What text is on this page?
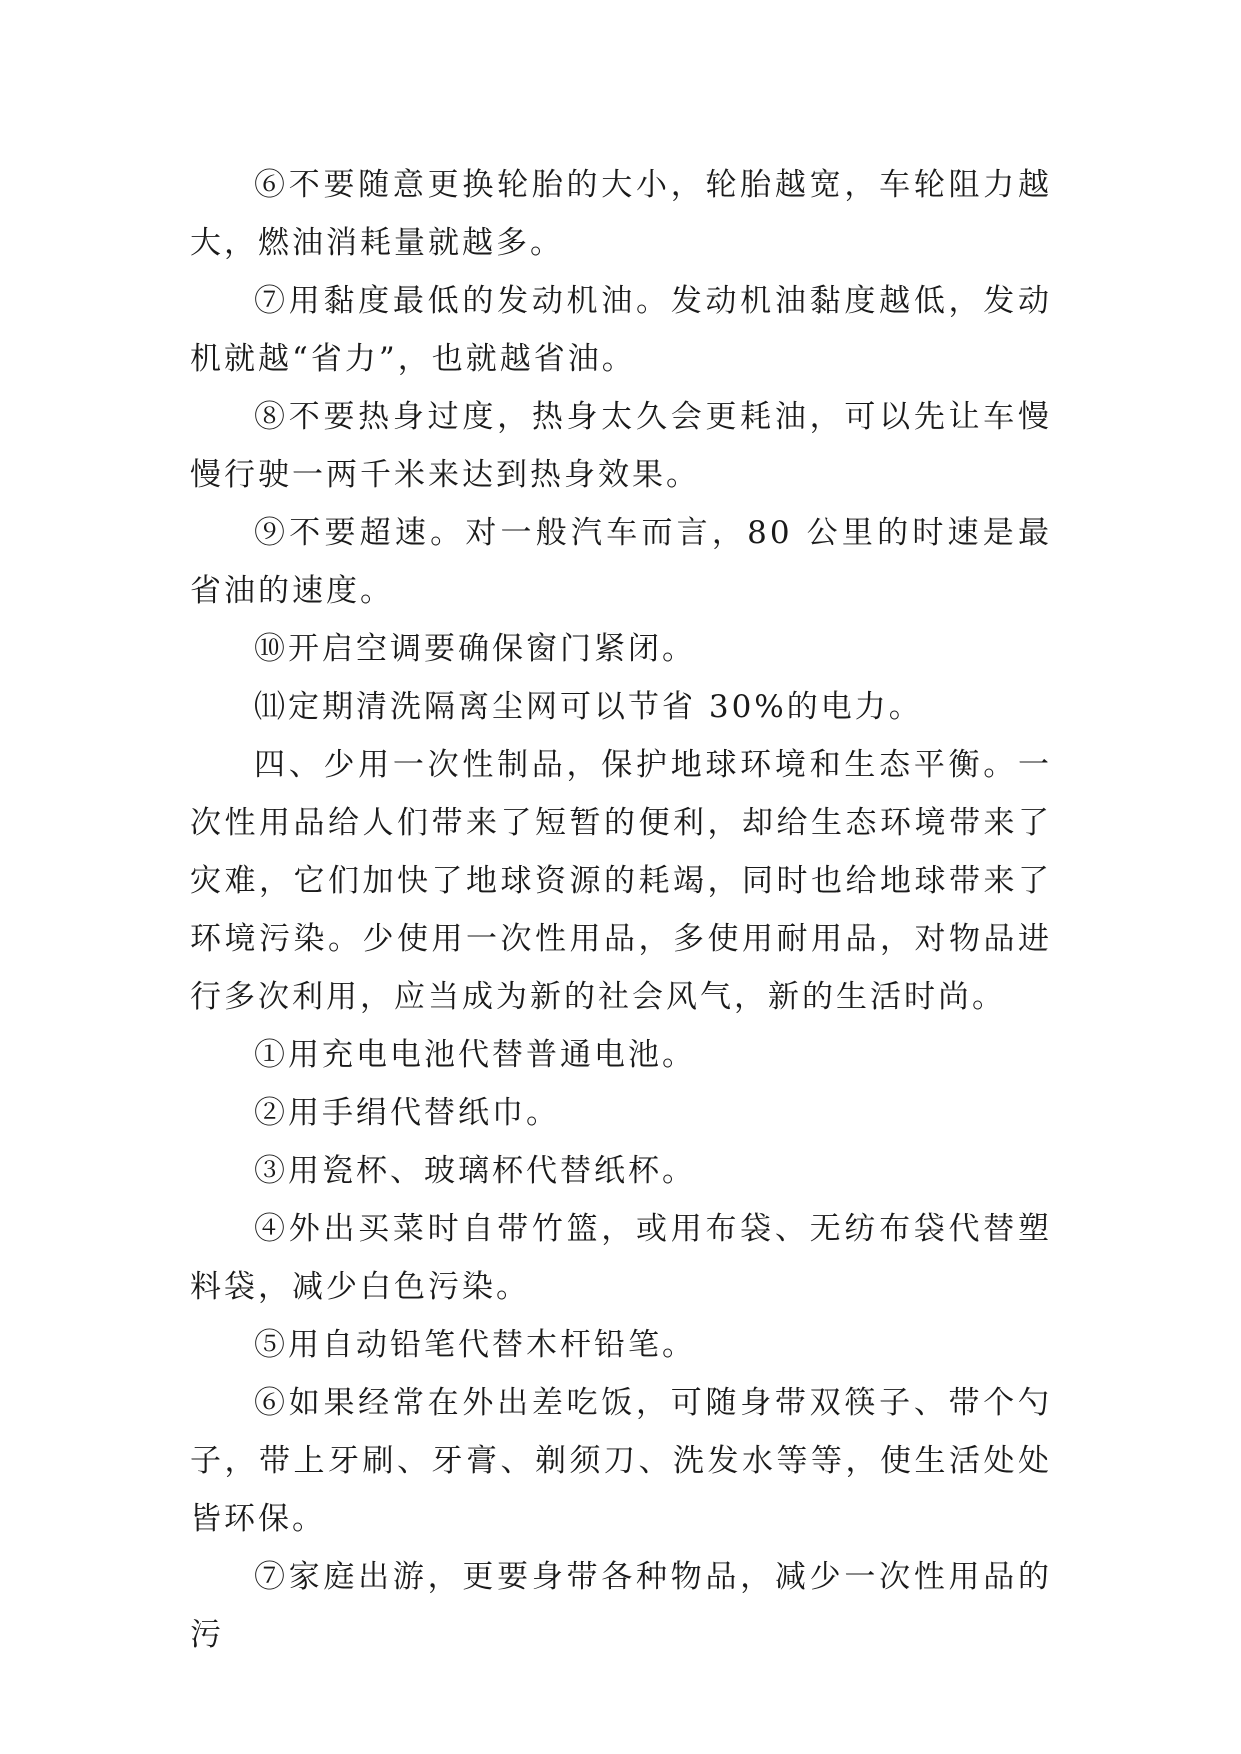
⑥不要随意更换轮胎的大小，轮胎越宽，车轮阻力越大，燃油消耗量就越多。

⑦用黏度最低的发动机油。发动机油黏度越低，发动机就越“省力”，也就越省油。

⑧不要热身过度，热身太久会更耗油，可以先让车慢慢行驶一两千米来达到热身效果。

⑨不要超速。对一般汽车而言，80 公里的时速是最省油的速度。

⑩开启空调要确保窗门紧闭。

⑾定期清洗隔离尘网可以节省 30%的电力。

四、少用一次性制品，保护地球环境和生态平衡。一次性用品给人们带来了短暂的便利，却给生态环境带来了灾难，它们加快了地球资源的耗竭，同时也给地球带来了环境污染。少使用一次性用品，多使用耐用品，对物品进行多次利用，应当成为新的社会风气，新的生活时尚。

①用充电电池代替普通电池。

②用手绢代替纸巾。

③用瓷杯、玻璃杯代替纸杯。

④外出买菜时自带竹篮，或用布袋、无纺布袋代替塑料袋，减少白色污染。

⑤用自动铅笔代替木杆铅笔。

⑥如果经常在外出差吃饭，可随身带双筷子、带个勺子，带上牙刷、牙膏、剃须刀、洗发水等等，使生活处处皆环保。

⑦家庭出游，更要身带各种物品，减少一次性用品的污
